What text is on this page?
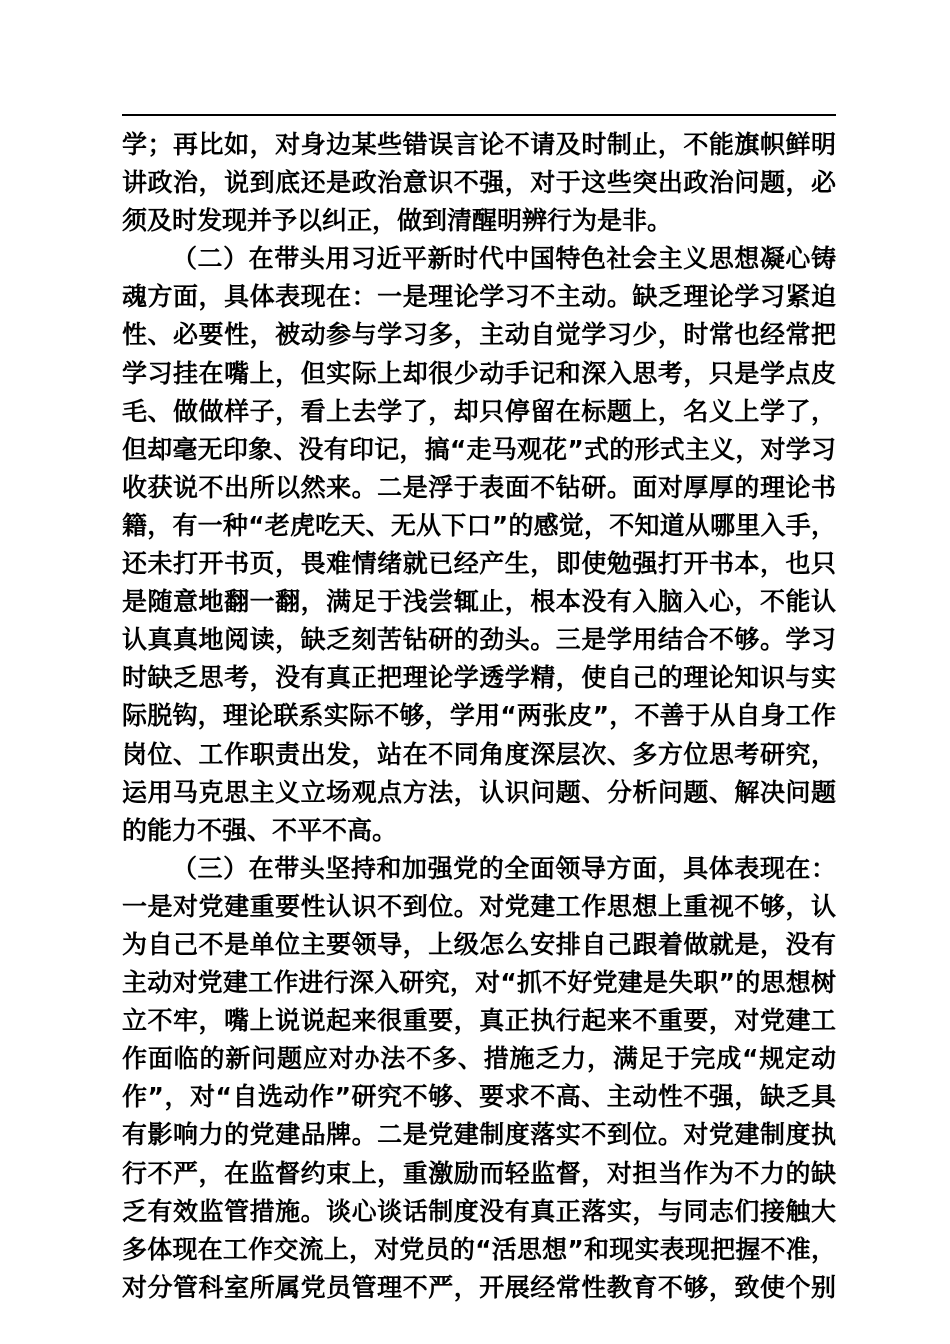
学；再比如，对身边某些错误言论不请及时制止，不能旗帜鲜明
讲政治，说到底还是政治意识不强，对于这些突出政治问题，必
须及时发现并予以纠正，做到清醒明辨行为是非。
（二）在带头用习近平新时代中国特色社会主义思想凝心铸
魂方面，具体表现在：一是理论学习不主动。缺乏理论学习紧迫
性、必要性，被动参与学习多，主动自觉学习少，时常也经常把
学习挂在嘴上，但实际上却很少动手记和深入思考，只是学点皮
毛、做做样子，看上去学了，却只停留在标题上，名义上学了，
但却毫无印象、没有印记，搞“走马观花”式的形式主义，对学习
收获说不出所以然来。二是浮于表面不钻研。面对厚厚的理论书
籍，有一种“老虎吃天、无从下口”的感觉，不知道从哪里入手，
还未打开书页，畏难情绪就已经产生，即使勉强打开书本，也只
是随意地翻一翻，满足于浅尝辄止，根本没有入脑入心，不能认
认真真地阅读，缺乏刻苦钻研的劲头。三是学用结合不够。学习
时缺乏思考，没有真正把理论学透学精，使自己的理论知识与实
际脱钩，理论联系实际不够，学用“两张皮”，不善于从自身工作
岗位、工作职责出发，站在不同角度深层次、多方位思考研究，
运用马克思主义立场观点方法，认识问题、分析问题、解决问题
的能力不强、不平不高。
（三）在带头坚持和加强党的全面领导方面，具体表现在：
一是对党建重要性认识不到位。对党建工作思想上重视不够，认
为自己不是单位主要领导，上级怎么安排自己跟着做就是，没有
主动对党建工作进行深入研究，对“抓不好党建是失职”的思想树
立不牢，嘴上说说起来很重要，真正执行起来不重要，对党建工
作面临的新问题应对办法不多、措施乏力，满足于完成“规定动
作”，对“自选动作”研究不够、要求不高、主动性不强，缺乏具
有影响力的党建品牌。二是党建制度落实不到位。对党建制度执
行不严，在监督约束上，重激励而轻监督，对担当作为不力的缺
乏有效监管措施。谈心谈话制度没有真正落实，与同志们接触大
多体现在工作交流上，对党员的“活思想”和现实表现把握不准，
对分管科室所属党员管理不严，开展经常性教育不够，致使个别
